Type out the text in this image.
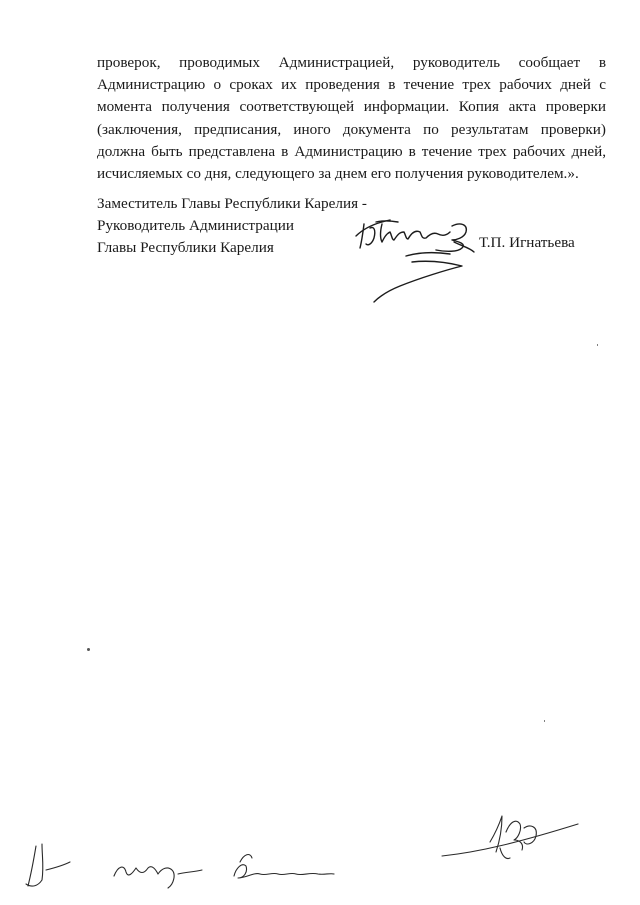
проверок, проводимых Администрацией, руководитель сообщает в
Администрацию о сроках их проведения в течение трех рабочих дней с
момента получения соответствующей информации. Копия акта проверки
(заключения, предписания, иного документа по результатам проверки)
должна быть представлена в Администрацию в течение трех рабочих дней,
исчисляемых со дня, следующего за днем его получения руководителем.».
Заместитель Главы Республики Карелия -
Руководитель Администрации
Главы Республики Карелия	Т.П. Игнатьева
